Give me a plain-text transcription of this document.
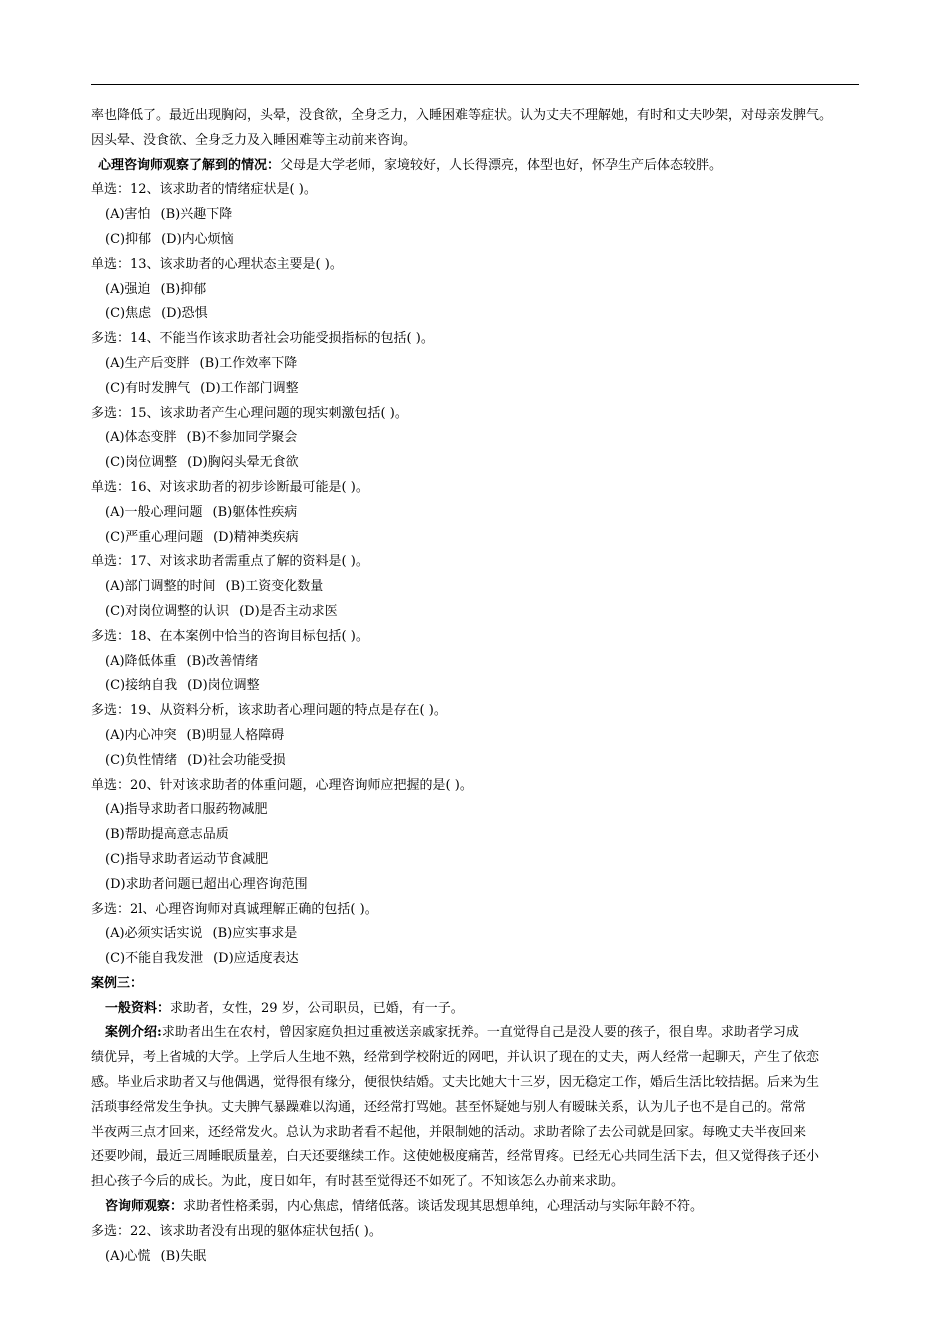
率也降低了。最近出现胸闷，头晕，没食欲，全身乏力，入睡困难等症状。认为丈夫不理解她，有时和丈夫吵架，对母亲发脾气。
因头晕、没食欲、全身乏力及入睡困难等主动前来咨询。
心理咨询师观察了解到的情况：父母是大学老师，家境较好，人长得漂亮，体型也好，怀孕生产后体态较胖。
单选：12、该求助者的情绪症状是( )。
(A)害怕 (B)兴趣下降
(C)抑郁 (D)内心烦恼
单选：13、该求助者的心理状态主要是( )。
(A)强迫 (B)抑郁
(C)焦虑 (D)恐惧
多选：14、不能当作该求助者社会功能受损指标的包括( )。
(A)生产后变胖 (B)工作效率下降
(C)有时发脾气 (D)工作部门调整
多选：15、该求助者产生心理问题的现实刺激包括( )。
(A)体态变胖 (B)不参加同学聚会
(C)岗位调整 (D)胸闷头晕无食欲
单选：16、对该求助者的初步诊断最可能是( )。
(A)一般心理问题 (B)躯体性疾病
(C)严重心理问题 (D)精神类疾病
单选：17、对该求助者需重点了解的资料是( )。
(A)部门调整的时间 (B)工资变化数量
(C)对岗位调整的认识 (D)是否主动求医
多选：18、在本案例中恰当的咨询目标包括( )。
(A)降低体重 (B)改善情绪
(C)接纳自我 (D)岗位调整
多选：19、从资料分析，该求助者心理问题的特点是存在( )。
(A)内心冲突 (B)明显人格障碍
(C)负性情绪 (D)社会功能受损
单选：20、针对该求助者的体重问题，心理咨询师应把握的是( )。
(A)指导求助者口服药物减肥
(B)帮助提高意志品质
(C)指导求助者运动节食减肥
(D)求助者问题已超出心理咨询范围
多选：2l、心理咨询师对真诚理解正确的包括( )。
(A)必须实话实说 (B)应实事求是
(C)不能自我发泄 (D)应适度表达
案例三：
一般资料：求助者，女性，29 岁，公司职员，已婚，有一子。
案例介绍:求助者出生在农村，曾因家庭负担过重被送亲戚家抚养。一直觉得自己是没人要的孩子，很自卑。求助者学习成
绩优异，考上省城的大学。上学后人生地不熟，经常到学校附近的网吧，并认识了现在的丈夫，两人经常一起聊天，产生了依恋
感。毕业后求助者又与他偶遇，觉得很有缘分，便很快结婚。丈夫比她大十三岁，因无稳定工作，婚后生活比较拮据。后来为生
活琐事经常发生争执。丈夫脾气暴躁难以沟通，还经常打骂她。甚至怀疑她与别人有暧昧关系，认为儿子也不是自己的。常常
半夜两三点才回来，还经常发火。总认为求助者看不起他，并限制她的活动。求助者除了去公司就是回家。每晚丈夫半夜回来
还要吵闹，最近三周睡眠质量差，白天还要继续工作。这使她极度痛苦，经常胃疼。已经无心共同生活下去，但又觉得孩子还小
担心孩子今后的成长。为此，度日如年，有时甚至觉得还不如死了。不知该怎么办前来求助。
咨询师观察：求助者性格柔弱，内心焦虑，情绪低落。谈话发现其思想单纯，心理活动与实际年龄不符。
多选：22、该求助者没有出现的躯体症状包括( )。
(A)心慌 (B)失眠
